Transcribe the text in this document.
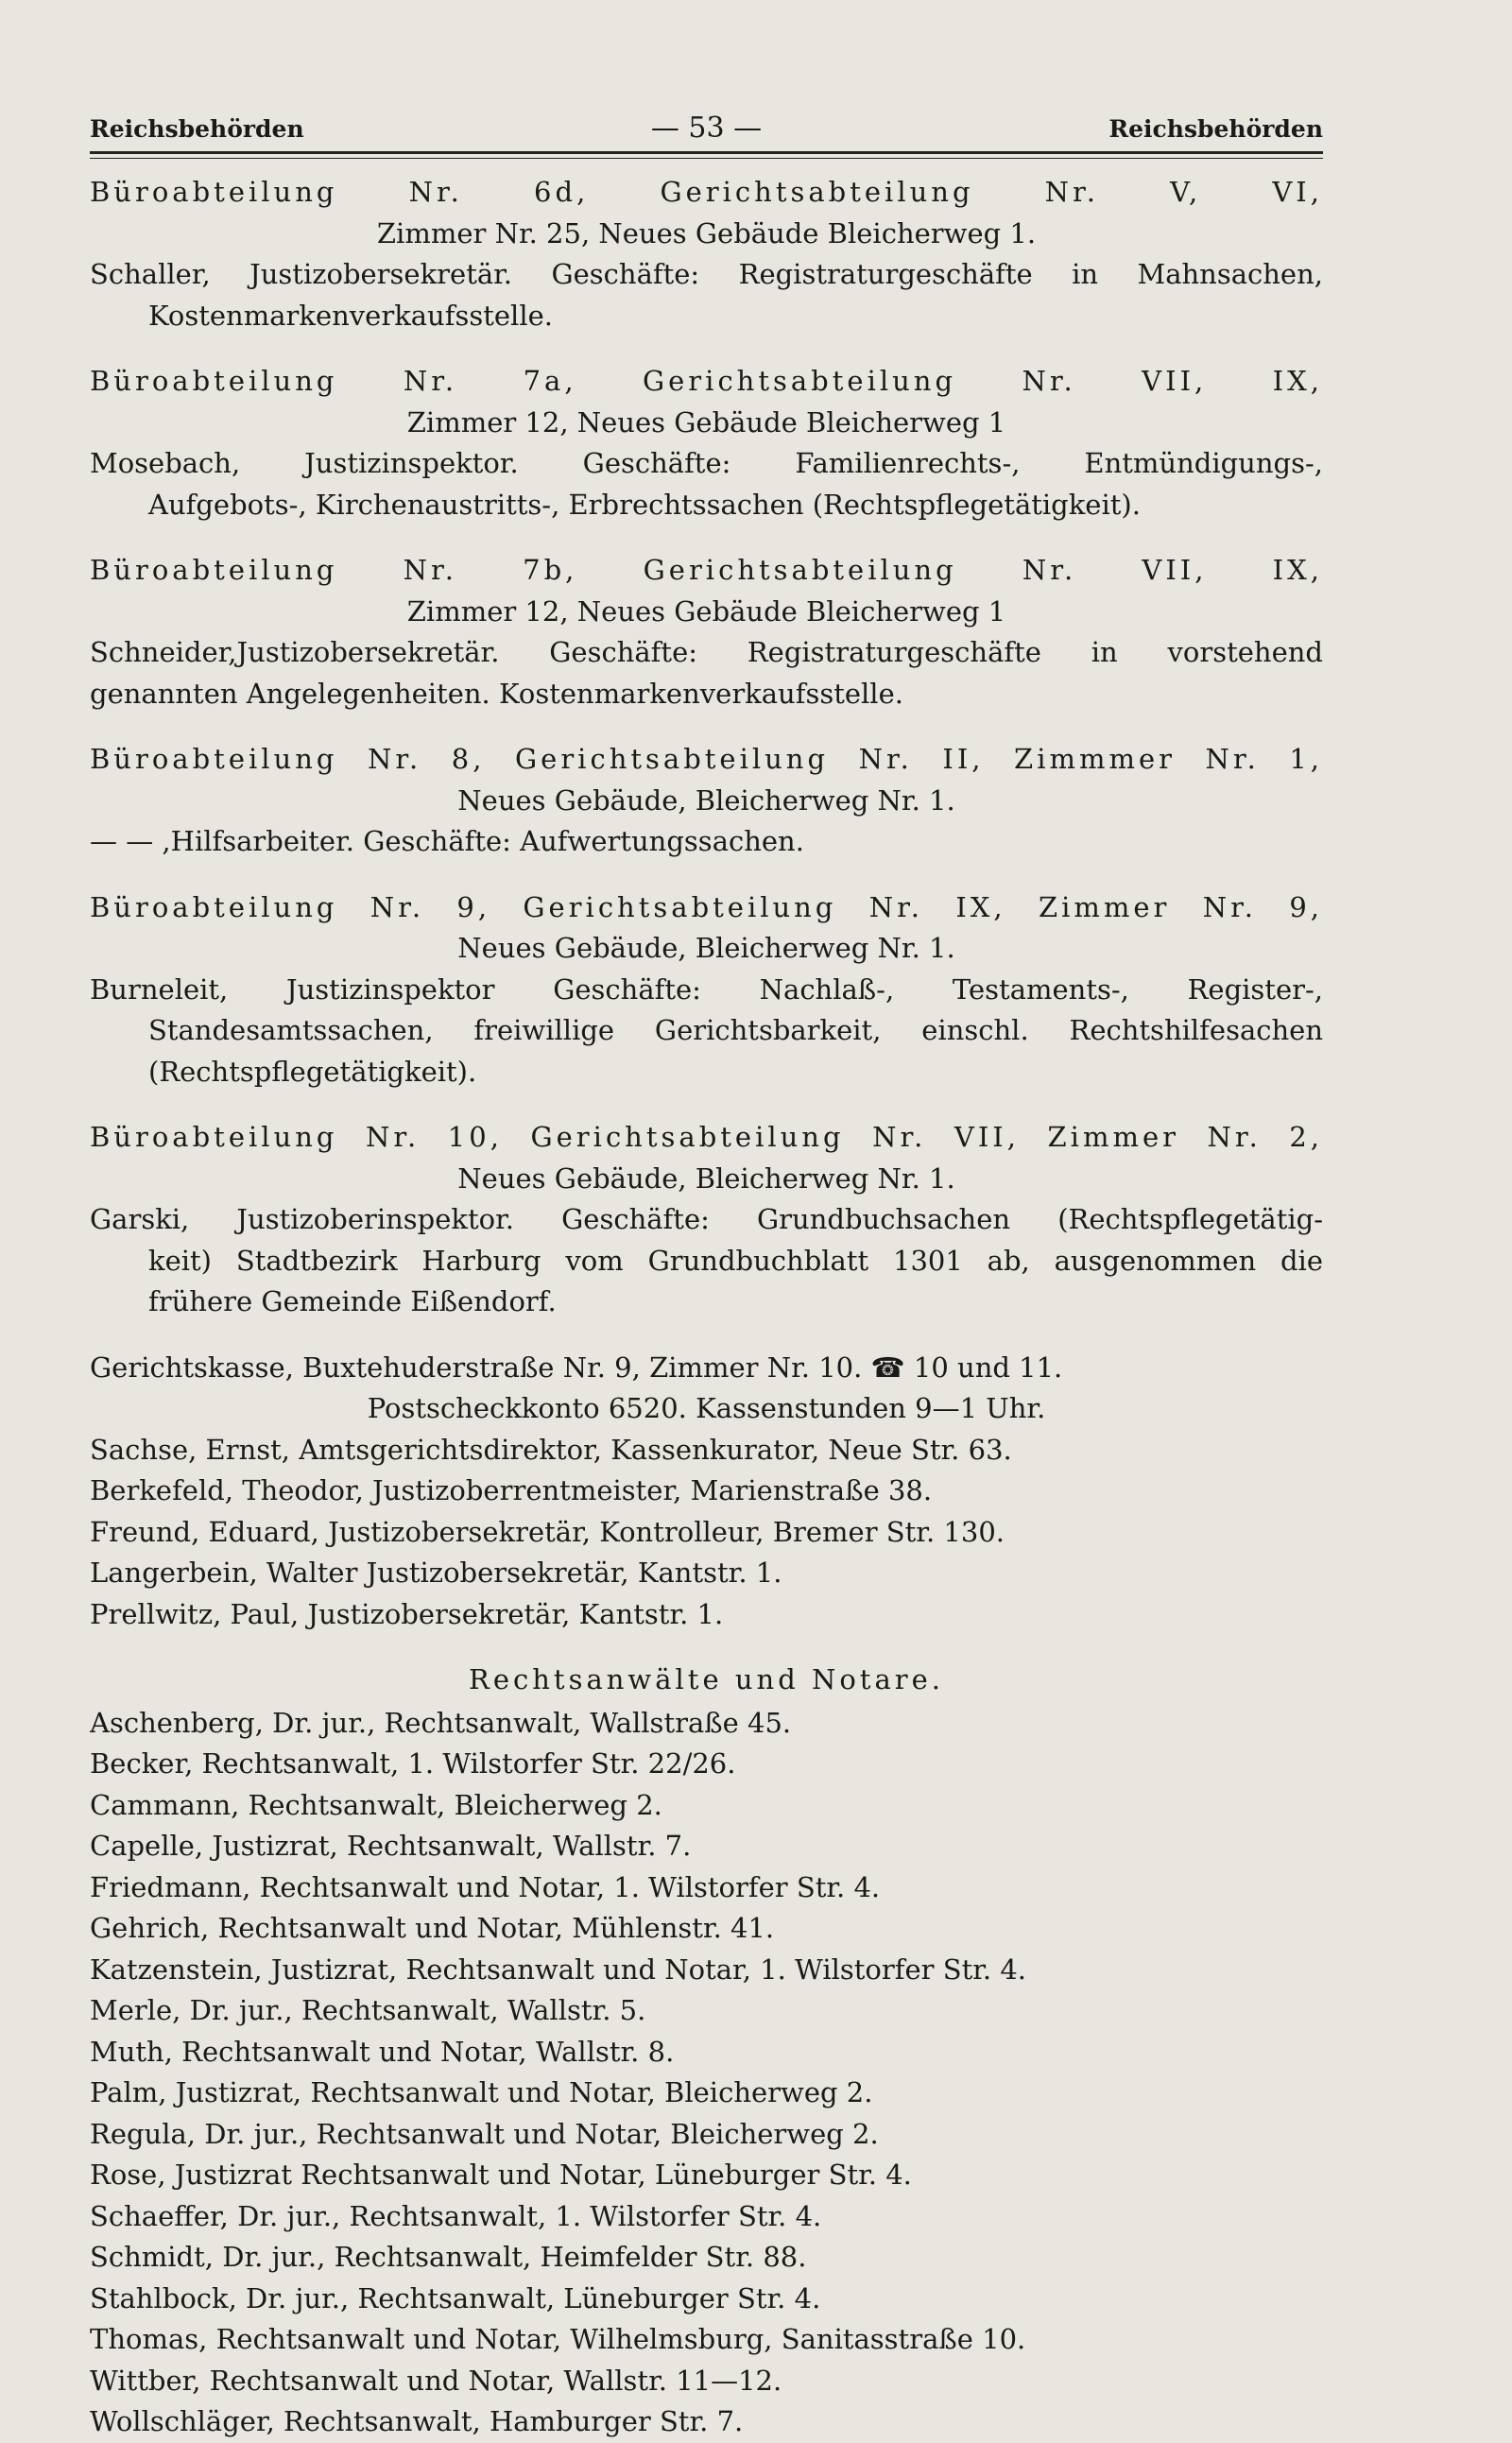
Reichsbehörden	— 53 —	Reichsbehörden
Büroabteilung Nr. 6d, Gerichtsabteilung Nr. V, VI,
Zimmer Nr. 25, Neues Gebäude Bleicherweg 1.
Schaller, Justizobersekretär. Geschäfte: Registraturgeschäfte in Mahnsachen,
Kostenmarkenverkaufsstelle.
Büroabteilung Nr. 7a, Gerichtsabteilung Nr. VII, IX,
Zimmer 12, Neues Gebäude Bleicherweg 1
Mosebach, Justizinspektor. Geschäfte: Familienrechts-, Entmündigungs-,
Aufgebots-, Kirchenaustritts-, Erbrechtssachen (Rechtspflegetätigkeit).
Büroabteilung Nr. 7b, Gerichtsabteilung Nr. VII, IX,
Zimmer 12, Neues Gebäude Bleicherweg 1
Schneider,Justizobersekretär. Geschäfte: Registraturgeschäfte in vorstehend
genannten Angelegenheiten. Kostenmarkenverkaufsstelle.
Büroabteilung Nr. 8, Gerichtsabteilung Nr. II, Zimmmer Nr. 1,
Neues Gebäude, Bleicherweg Nr. 1.
— — ,Hilfsarbeiter. Geschäfte: Aufwertungssachen.
Büroabteilung Nr. 9, Gerichtsabteilung Nr. IX, Zimmer Nr. 9,
Neues Gebäude, Bleicherweg Nr. 1.
Burneleit, Justizinspektor Geschäfte: Nachlaß-, Testaments-, Register-,
Standesamtssachen, freiwillige Gerichtsbarkeit, einschl. Rechtshilfesachen
(Rechtspflegetätigkeit).
Büroabteilung Nr. 10, Gerichtsabteilung Nr. VII, Zimmer Nr. 2,
Neues Gebäude, Bleicherweg Nr. 1.
Garski, Justizoberinspektor. Geschäfte: Grundbuchsachen (Rechtspflegetätig-
keit) Stadtbezirk Harburg vom Grundbuchblatt 1301 ab, ausgenommen die
frühere Gemeinde Eißendorf.
Gerichtskasse, Buxtehuderstraße Nr. 9, Zimmer Nr. 10. ☎ 10 und 11.
Postscheckkonto 6520. Kassenstunden 9—1 Uhr.
Sachse, Ernst, Amtsgerichtsdirektor, Kassenkurator, Neue Str. 63.
Berkefeld, Theodor, Justizoberrentmeister, Marienstraße 38.
Freund, Eduard, Justizobersekretär, Kontrolleur, Bremer Str. 130.
Langerbein, Walter Justizobersekretär, Kantstr. 1.
Prellwitz, Paul, Justizobersekretär, Kantstr. 1.
Rechtsanwälte und Notare.
Aschenberg, Dr. jur., Rechtsanwalt, Wallstraße 45.
Becker, Rechtsanwalt, 1. Wilstorfer Str. 22/26.
Cammann, Rechtsanwalt, Bleicherweg 2.
Capelle, Justizrat, Rechtsanwalt, Wallstr. 7.
Friedmann, Rechtsanwalt und Notar, 1. Wilstorfer Str. 4.
Gehrich, Rechtsanwalt und Notar, Mühlenstr. 41.
Katzenstein, Justizrat, Rechtsanwalt und Notar, 1. Wilstorfer Str. 4.
Merle, Dr. jur., Rechtsanwalt, Wallstr. 5.
Muth, Rechtsanwalt und Notar, Wallstr. 8.
Palm, Justizrat, Rechtsanwalt und Notar, Bleicherweg 2.
Regula, Dr. jur., Rechtsanwalt und Notar, Bleicherweg 2.
Rose, Justizrat Rechtsanwalt und Notar, Lüneburger Str. 4.
Schaeffer, Dr. jur., Rechtsanwalt, 1. Wilstorfer Str. 4.
Schmidt, Dr. jur., Rechtsanwalt, Heimfelder Str. 88.
Stahlbock, Dr. jur., Rechtsanwalt, Lüneburger Str. 4.
Thomas, Rechtsanwalt und Notar, Wilhelmsburg, Sanitasstraße 10.
Wittber, Rechtsanwalt und Notar, Wallstr. 11—12.
Wollschläger, Rechtsanwalt, Hamburger Str. 7.
